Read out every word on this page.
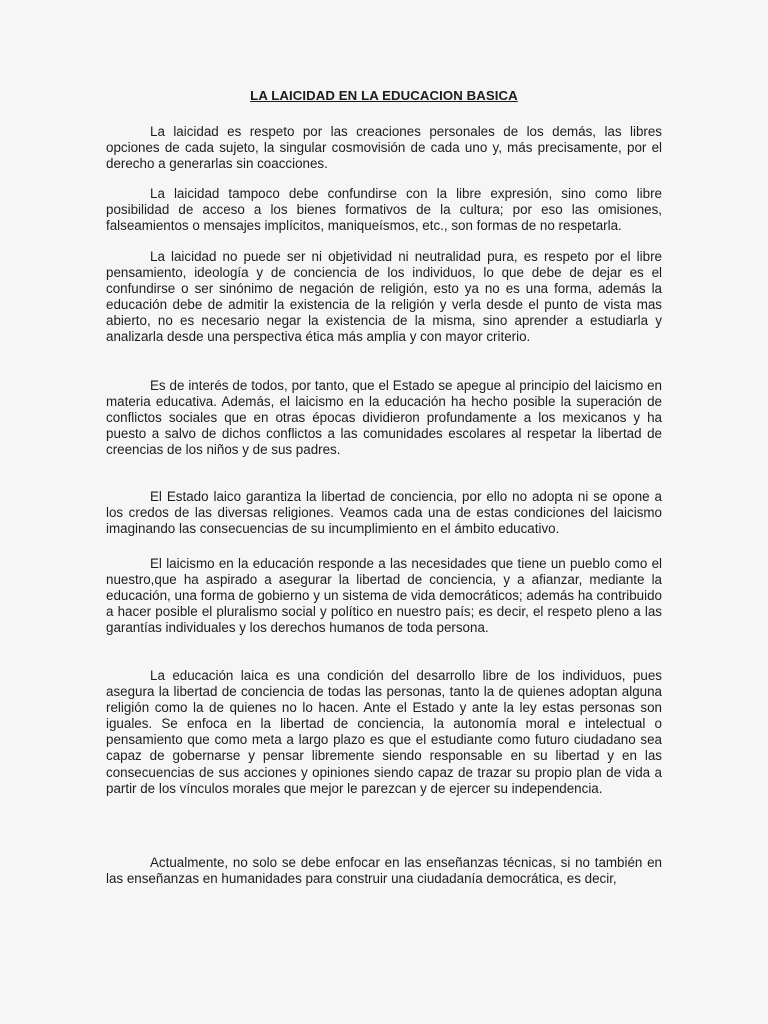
LA LAICIDAD EN LA EDUCACION BASICA

La laicidad es respeto por las creaciones personales de los demás, las libres opciones de cada sujeto, la singular cosmovisión de cada uno y, más precisamente, por el derecho a generarlas sin coacciones.

La laicidad tampoco debe confundirse con la libre expresión, sino como libre posibilidad de acceso a los bienes formativos de la cultura; por eso las omisiones, falseamientos o mensajes implícitos, maniqueísmos, etc., son formas de no respetarla.

La laicidad no puede ser ni objetividad ni neutralidad pura, es respeto por el libre pensamiento, ideología y de conciencia de los individuos, lo que debe de dejar es el confundirse o ser sinónimo de negación de religión, esto ya no es una forma, además la educación debe de admitir la existencia de la religión y verla desde el punto de vista mas abierto, no es necesario negar la existencia de la misma, sino aprender a estudiarla y analizarla desde una perspectiva ética más amplia y con mayor criterio.

Es de interés de todos, por tanto, que el Estado se apegue al principio del laicismo en materia educativa. Además, el laicismo en la educación ha hecho posible la superación de conflictos sociales que en otras épocas dividieron profundamente a los mexicanos y ha puesto a salvo de dichos conflictos a las comunidades escolares al respetar la libertad de creencias de los niños y de sus padres.

El Estado laico garantiza la libertad de conciencia, por ello no adopta ni se opone a los credos de las diversas religiones. Veamos cada una de estas condiciones del laicismo imaginando las consecuencias de su incumplimiento en el ámbito educativo.

El laicismo en la educación responde a las necesidades que tiene un pueblo como el nuestro,que ha aspirado a asegurar la libertad de conciencia, y a afianzar, mediante la educación, una forma de gobierno y un sistema de vida democráticos; además ha contribuido a hacer posible el pluralismo social y político en nuestro país; es decir, el respeto pleno a las garantías individuales y los derechos humanos de toda persona.

La educación laica es una condición del desarrollo libre de los individuos, pues asegura la libertad de conciencia de todas las personas, tanto la de quienes adoptan alguna religión como la de quienes no lo hacen. Ante el Estado y ante la ley estas personas son iguales. Se enfoca en la libertad de conciencia, la autonomía moral e intelectual o pensamiento que como meta a largo plazo es que el estudiante como futuro ciudadano sea capaz de gobernarse y pensar libremente siendo responsable en su libertad y en las consecuencias de sus acciones y opiniones siendo capaz de trazar su propio plan de vida a partir de los vínculos morales que mejor le parezcan y de ejercer su independencia.

Actualmente, no solo se debe enfocar en las enseñanzas técnicas, si no también en las enseñanzas en humanidades para construir una ciudadanía democrática, es decir,
